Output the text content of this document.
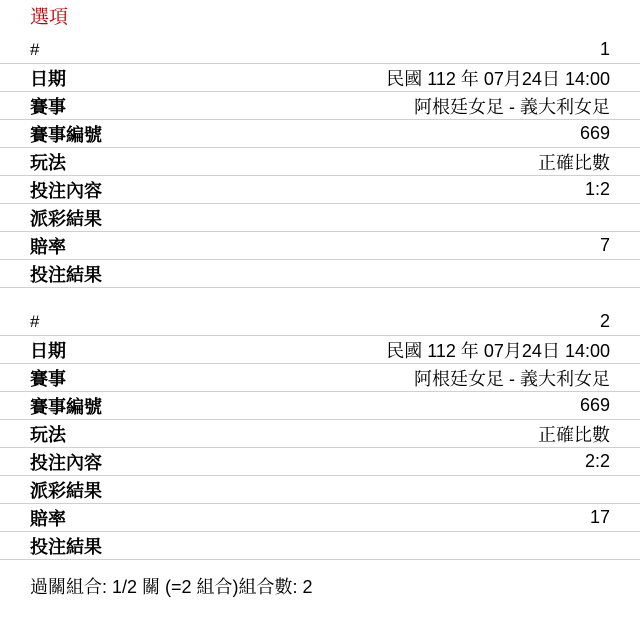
選項
#	1
日期	民國 112 年 07月24日 14:00
賽事	阿根廷女足 - 義大利女足
賽事編號	669
玩法	正確比數
投注內容	1:2
派彩結果
賠率	7
投注結果
#	2
日期	民國 112 年 07月24日 14:00
賽事	阿根廷女足 - 義大利女足
賽事編號	669
玩法	正確比數
投注內容	2:2
派彩結果
賠率	17
投注結果
過關組合: 1/2 關 (=2 組合)組合數: 2
